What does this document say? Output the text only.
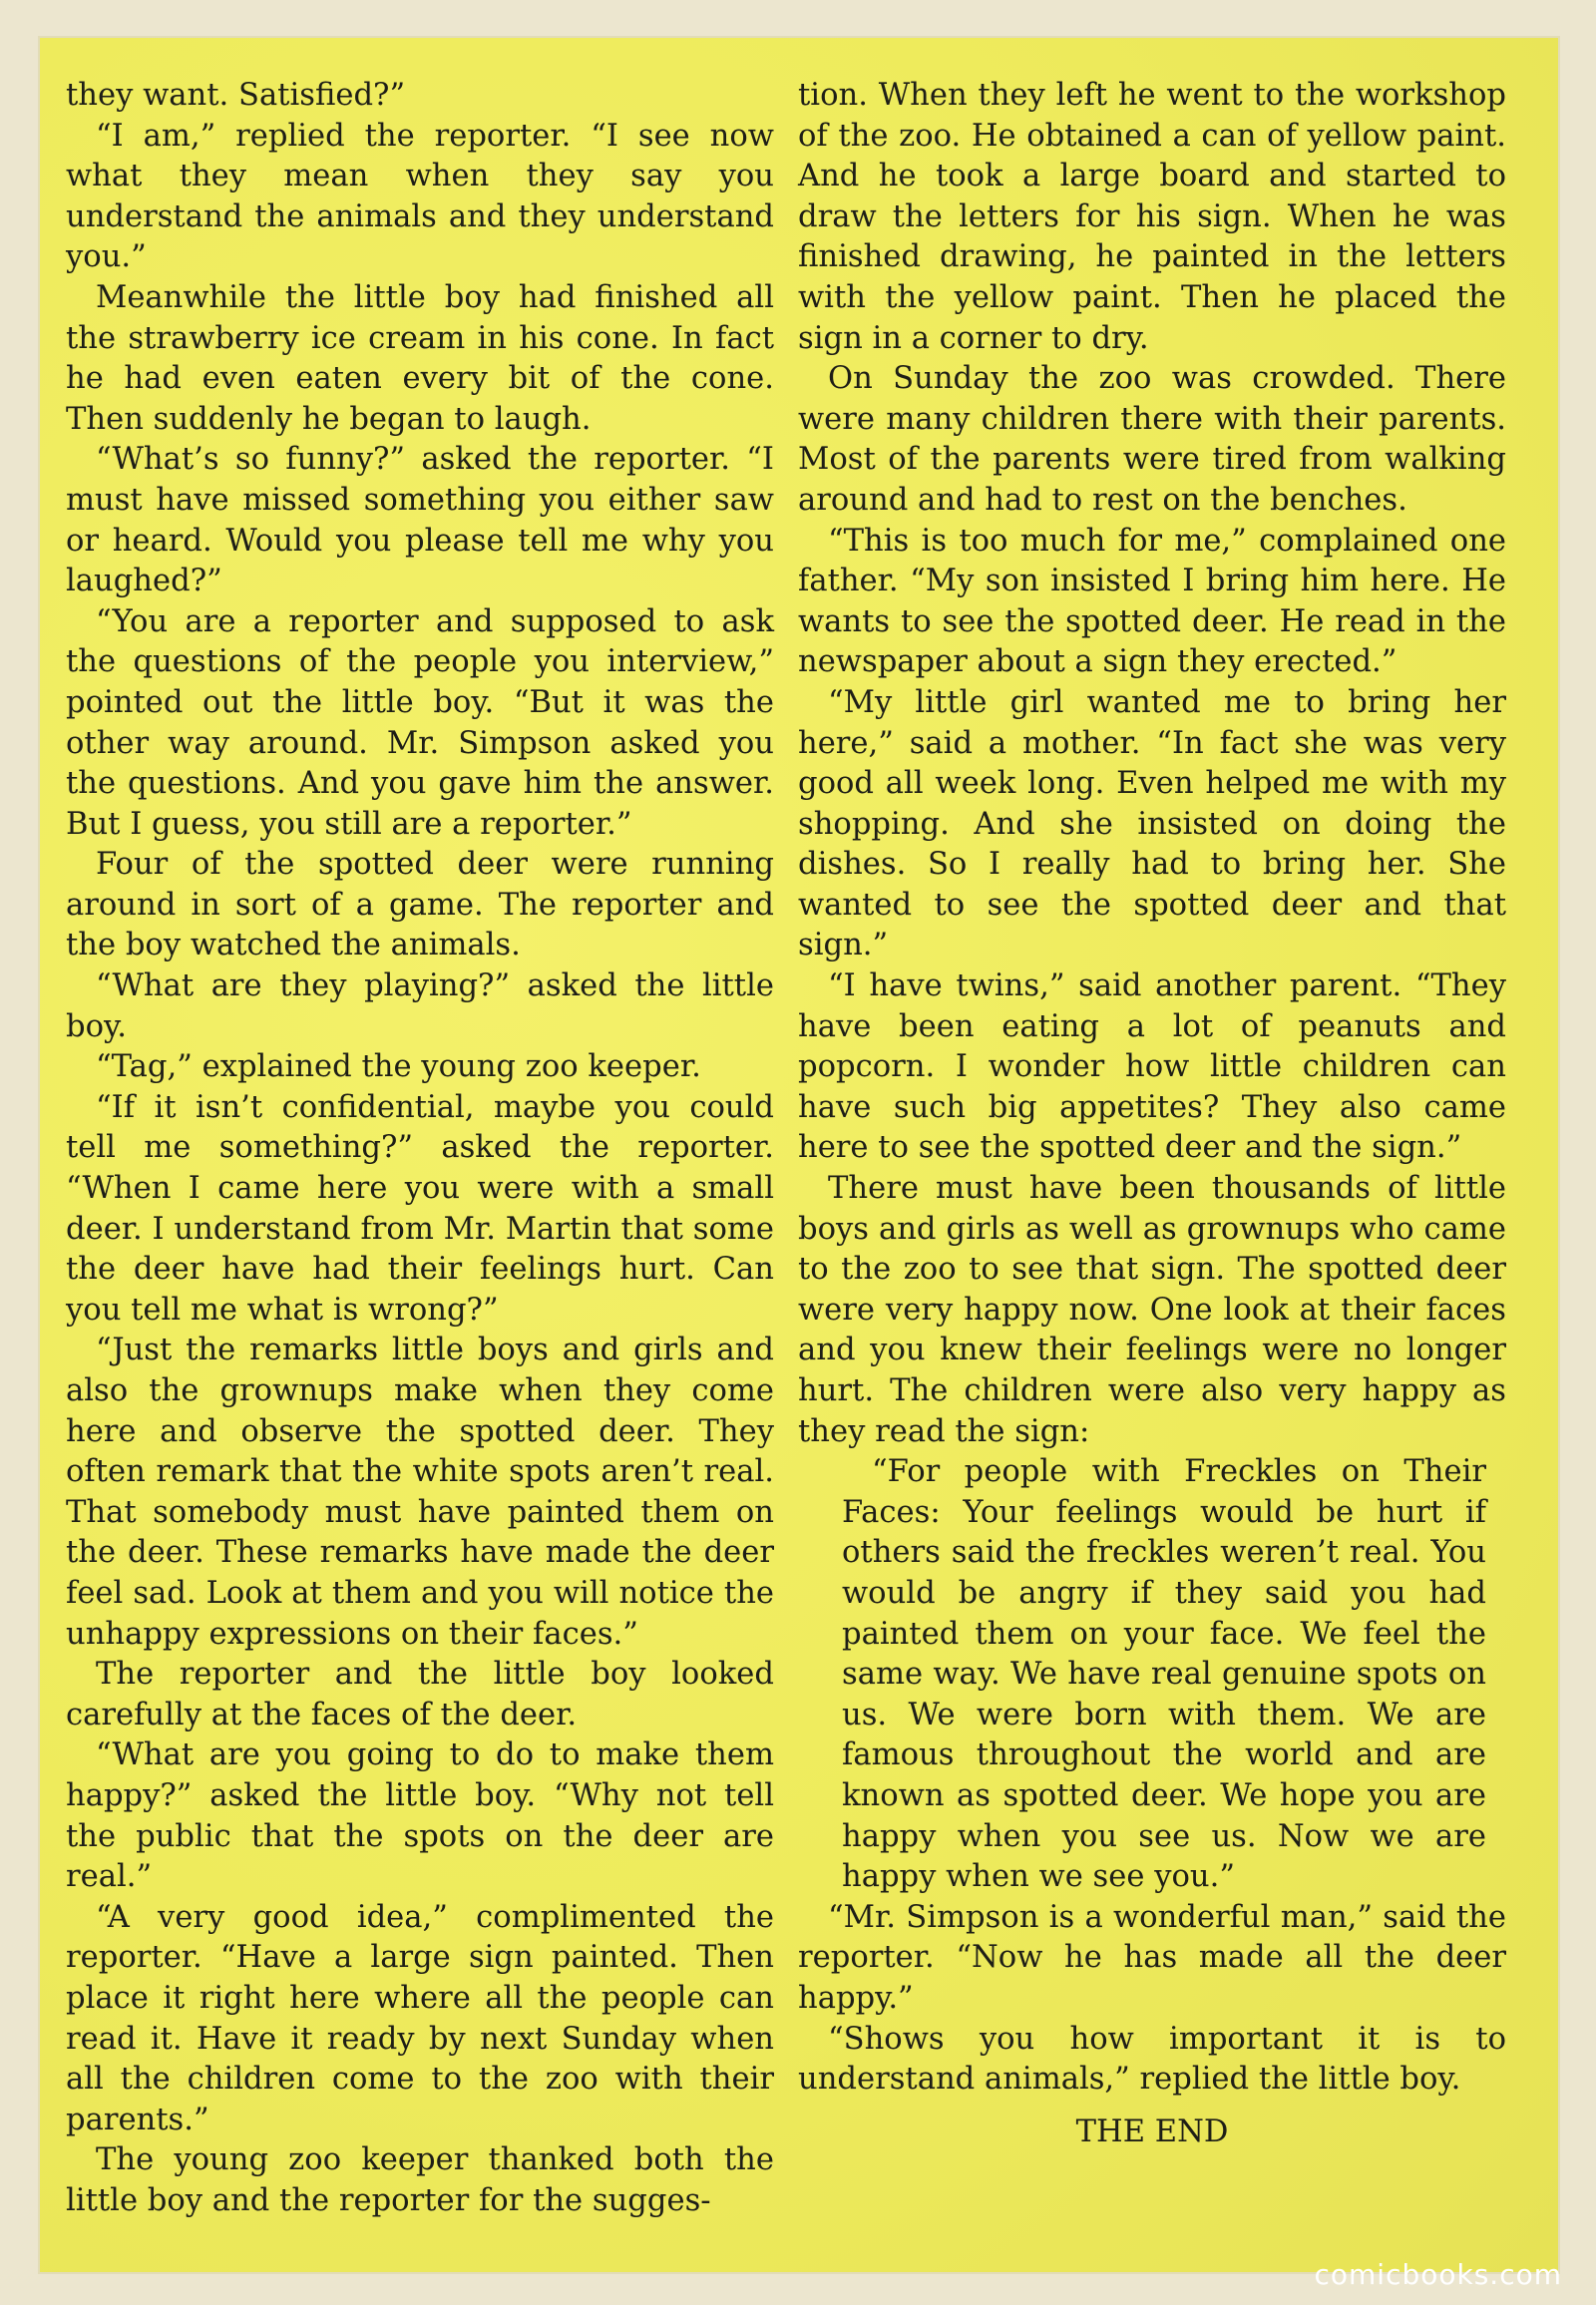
they want. Satisfied?”

“I am,” replied the reporter. “I see now what they mean when they say you understand the animals and they understand you.”

Meanwhile the little boy had finished all the strawberry ice cream in his cone. In fact he had even eaten every bit of the cone. Then suddenly he began to laugh.

“What’s so funny?” asked the reporter. “I must have missed something you either saw or heard. Would you please tell me why you laughed?”

“You are a reporter and supposed to ask the questions of the people you interview,” pointed out the little boy. “But it was the other way around. Mr. Simpson asked you the questions. And you gave him the answer. But I guess, you still are a reporter.”

Four of the spotted deer were running around in sort of a game. The reporter and the boy watched the animals.

“What are they playing?” asked the little boy.

“Tag,” explained the young zoo keeper.

“If it isn’t confidential, maybe you could tell me something?” asked the reporter. “When I came here you were with a small deer. I understand from Mr. Martin that some the deer have had their feelings hurt. Can you tell me what is wrong?”

“Just the remarks little boys and girls and also the grownups make when they come here and observe the spotted deer. They often remark that the white spots aren’t real. That somebody must have painted them on the deer. These remarks have made the deer feel sad. Look at them and you will notice the unhappy expressions on their faces.”

The reporter and the little boy looked carefully at the faces of the deer.

“What are you going to do to make them happy?” asked the little boy. “Why not tell the public that the spots on the deer are real.”

“A very good idea,” complimented the reporter. “Have a large sign painted. Then place it right here where all the people can read it. Have it ready by next Sunday when all the children come to the zoo with their parents.”

The young zoo keeper thanked both the little boy and the reporter for the sugges-

tion. When they left he went to the workshop of the zoo. He obtained a can of yellow paint. And he took a large board and started to draw the letters for his sign. When he was finished drawing, he painted in the letters with the yellow paint. Then he placed the sign in a corner to dry.

On Sunday the zoo was crowded. There were many children there with their parents. Most of the parents were tired from walking around and had to rest on the benches.

“This is too much for me,” complained one father. “My son insisted I bring him here. He wants to see the spotted deer. He read in the newspaper about a sign they erected.”

“My little girl wanted me to bring her here,” said a mother. “In fact she was very good all week long. Even helped me with my shopping. And she insisted on doing the dishes. So I really had to bring her. She wanted to see the spotted deer and that sign.”

“I have twins,” said another parent. “They have been eating a lot of peanuts and popcorn. I wonder how little children can have such big appetites? They also came here to see the spotted deer and the sign.”

There must have been thousands of little boys and girls as well as grownups who came to the zoo to see that sign. The spotted deer were very happy now. One look at their faces and you knew their feelings were no longer hurt. The children were also very happy as they read the sign:

“For people with Freckles on Their Faces: Your feelings would be hurt if others said the freckles weren’t real. You would be angry if they said you had painted them on your face. We feel the same way. We have real genuine spots on us. We were born with them. We are famous throughout the world and are known as spotted deer. We hope you are happy when you see us. Now we are happy when we see you.”

“Mr. Simpson is a wonderful man,” said the reporter. “Now he has made all the deer happy.”

“Shows you how important it is to understand animals,” replied the little boy.

THE END

comicbooks.com
